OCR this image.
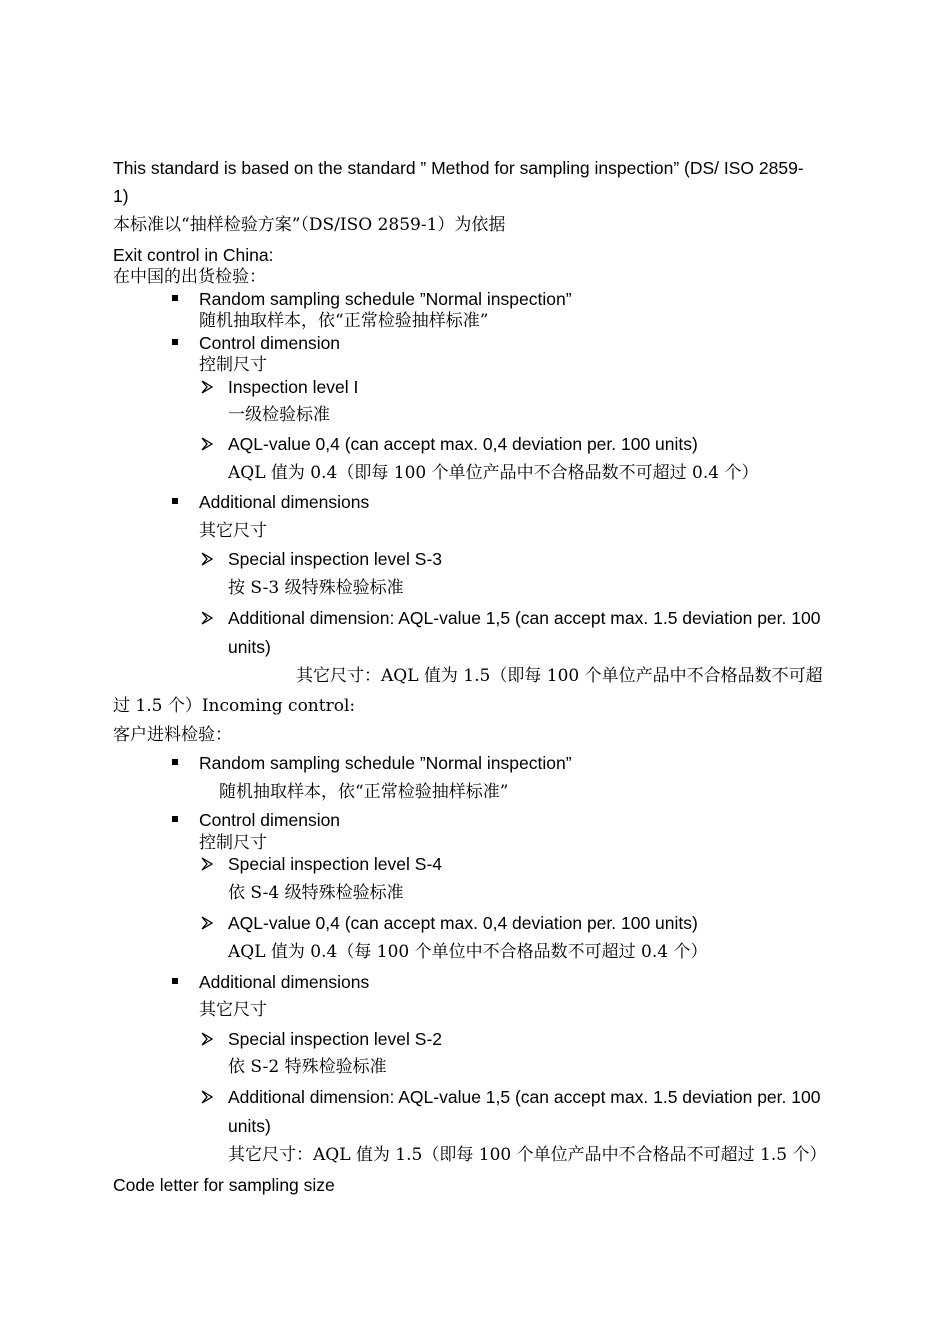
This standard is based on the standard ” Method for sampling inspection” (DS/ ISO 2859-
1)
本标准以“抽样检验方案”（DS/ISO 2859-1）为依据
Exit control in China:
在中国的出货检验：
Random sampling schedule ”Normal inspection”
随机抽取样本，依“正常检验抽样标准”
Control dimension
控制尺寸
Inspection level I
一级检验标准
AQL-value 0,4 (can accept max. 0,4 deviation per. 100 units)
AQL 值为 0.4（即每 100 个单位产品中不合格品数不可超过 0.4 个）
Additional dimensions
其它尺寸
Special inspection level S-3
按 S-3 级特殊检验标准
Additional dimension: AQL-value 1,5 (can accept max. 1.5 deviation per. 100
units)
其它尺寸：AQL 值为 1.5（即每 100 个单位产品中不合格品数不可超
过 1.5 个）Incoming control:
客户进料检验：
Random sampling schedule ”Normal inspection”
随机抽取样本，依“正常检验抽样标准”
Control dimension
控制尺寸
Special inspection level S-4
依 S-4 级特殊检验标准
AQL-value 0,4 (can accept max. 0,4 deviation per. 100 units)
AQL 值为 0.4（每 100 个单位中不合格品数不可超过 0.4 个）
Additional dimensions
其它尺寸
Special inspection level S-2
依 S-2 特殊检验标准
Additional dimension: AQL-value 1,5 (can accept max. 1.5 deviation per. 100
units)
其它尺寸：AQL 值为 1.5（即每 100 个单位产品中不合格品不可超过 1.5 个）
Code letter for sampling size
